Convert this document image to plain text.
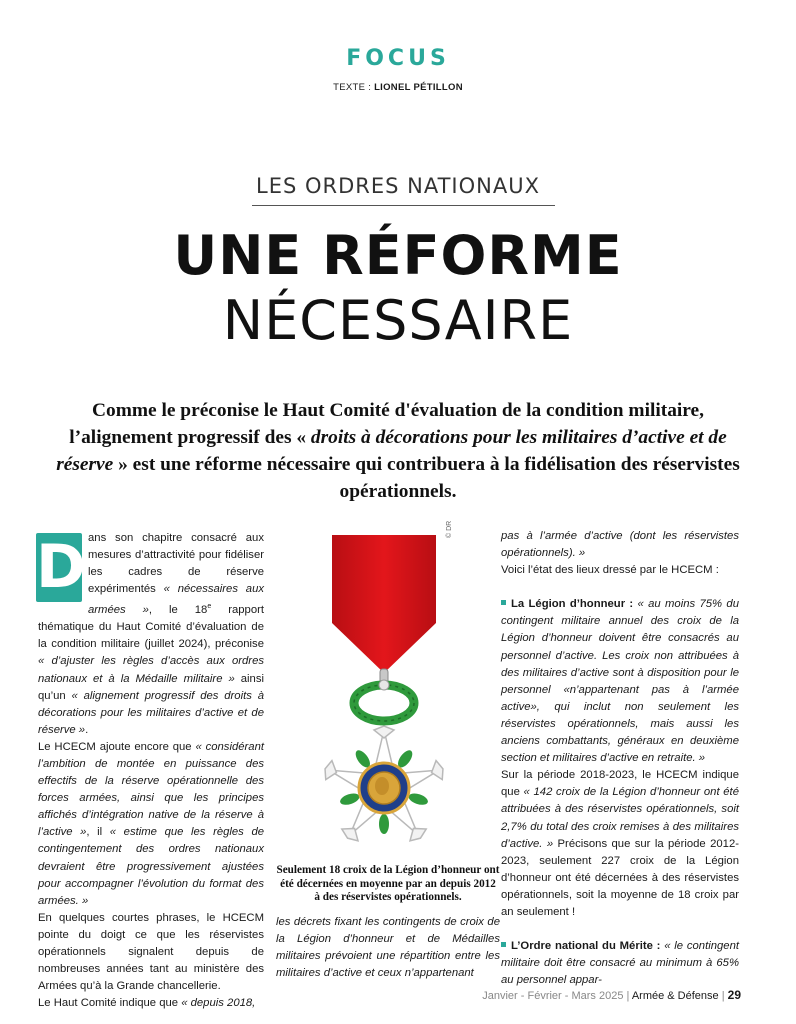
FOCUS
TEXTE : LIONEL PÉTILLON
LES ORDRES NATIONAUX
UNE RÉFORME
NÉCESSAIRE
Comme le préconise le Haut Comité d'évaluation de la condition militaire, l’alignement progressif des « droits à décorations pour les militaires d’active et de réserve » est une réforme nécessaire qui contribuera à la fidélisation des réservistes opérationnels.
D ans son chapitre consacré aux mesures d’attractivité pour fidéliser les cadres de réserve expérimentés « nécessaires aux armées », le 18e rapport thématique du Haut Comité d’évaluation de la condition militaire (juillet 2024), préconise « d’ajuster les règles d’accès aux ordres nationaux et à la Médaille militaire » ainsi qu’un « alignement progressif des droits à décorations pour les militaires d’active et de réserve ».

Le HCECM ajoute encore que « considérant l’ambition de montée en puissance des effectifs de la réserve opérationnelle des forces armées, ainsi que les principes affichés d’intégration native de la réserve à l’active », il « estime que les règles de contingentement des ordres nationaux devraient être progressivement ajustées pour accompagner l’évolution du format des armées. »

En quelques courtes phrases, le HCECM pointe du doigt ce que les réservistes opérationnels signalent depuis de nombreuses années tant au ministère des Armées qu’à la Grande chancellerie.

Le Haut Comité indique que « depuis 2018,

© DR
Seulement 18 croix de la Légion d’honneur ont été décernées en moyenne par an depuis 2012 à des réservistes opérationnels.

les décrets fixant les contingents de croix de la Légion d’honneur et de Médailles militaires prévoient une répartition entre les militaires d’active et ceux n’appartenant

pas à l’armée d’active (dont les réservistes opérationnels). »

Voici l’état des lieux dressé par le HCECM :

La Légion d’honneur : « au moins 75% du contingent militaire annuel des croix de la Légion d’honneur doivent être consacrés au personnel d’active. Les croix non attribuées à des militaires d’active sont à disposition pour le personnel «n’appartenant pas à l’armée active», qui inclut non seulement les réservistes opérationnels, mais aussi les anciens combattants, généraux en deuxième section et militaires d’active en retraite. »

Sur la période 2018-2023, le HCECM indique que « 142 croix de la Légion d’honneur ont été attribuées à des réservistes opérationnels, soit 2,7% du total des croix remises à des militaires d’active. » Précisons que sur la période 2012-2023, seulement 227 croix de la Légion d’honneur ont été décernées à des réservistes opérationnels, soit la moyenne de 18 croix par an seulement !

L’Ordre national du Mérite : « le contingent militaire doit être consacré au minimum à 65% au personnel appar-

Janvier - Février - Mars 2025 | Armée & Défense | 29
